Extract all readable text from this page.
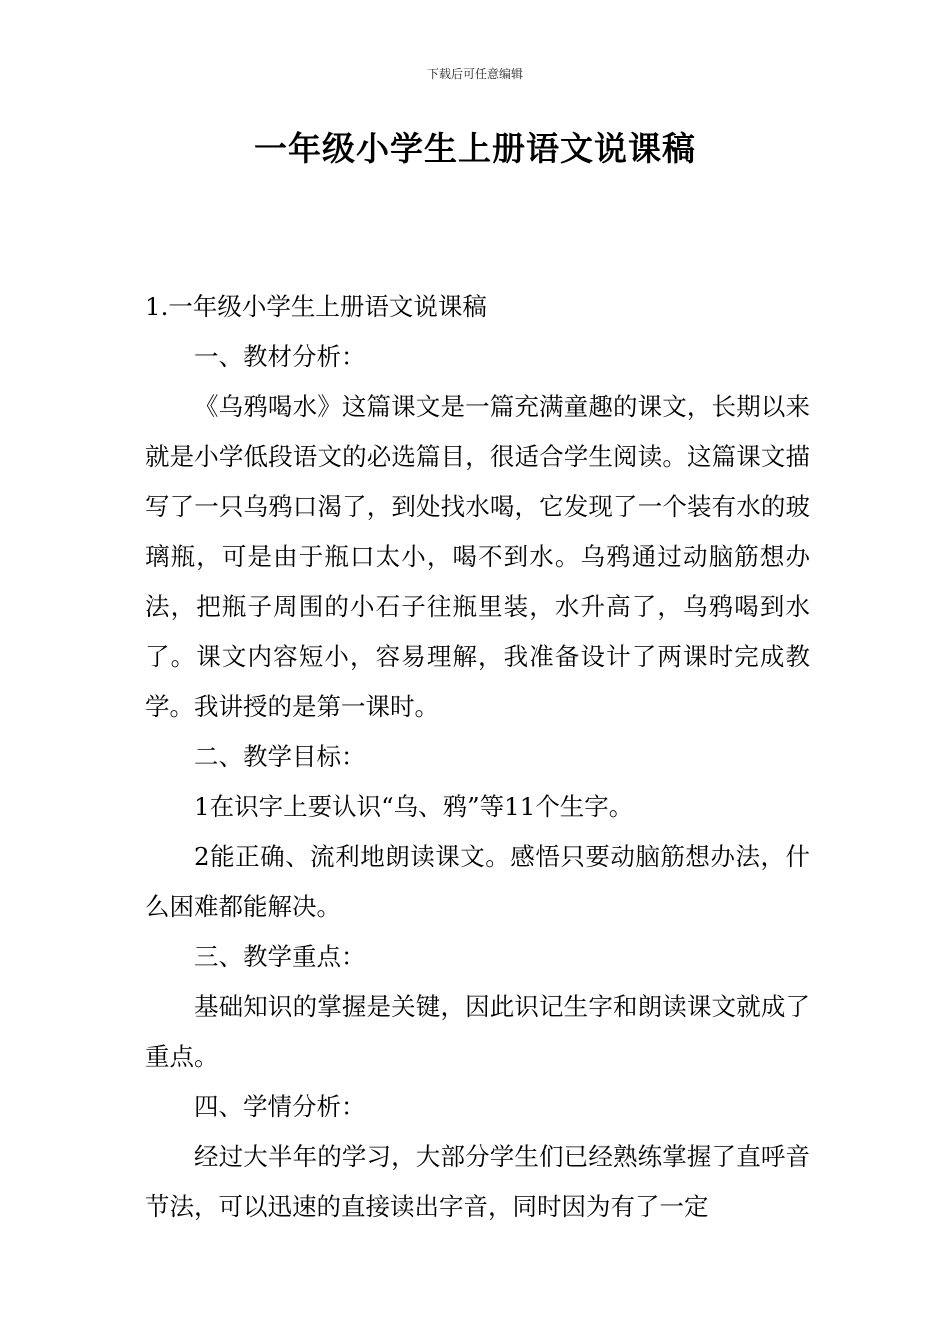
下载后可任意编辑
一年级小学生上册语文说课稿

1.一年级小学生上册语文说课稿

一、教材分析：

《乌鸦喝水》这篇课文是一篇充满童趣的课文，长期以来就是小学低段语文的必选篇目，很适合学生阅读。这篇课文描写了一只乌鸦口渴了，到处找水喝，它发现了一个装有水的玻璃瓶，可是由于瓶口太小，喝不到水。乌鸦通过动脑筋想办法，把瓶子周围的小石子往瓶里装，水升高了，乌鸦喝到水了。课文内容短小，容易理解，我准备设计了两课时完成教学。我讲授的是第一课时。

二、教学目标：

1在识字上要认识“乌、鸦”等11个生字。

2能正确、流利地朗读课文。感悟只要动脑筋想办法，什么困难都能解决。

三、教学重点：

基础知识的掌握是关键，因此识记生字和朗读课文就成了重点。

四、学情分析：

经过大半年的学习，大部分学生们已经熟练掌握了直呼音节法，可以迅速的直接读出字音，同时因为有了一定
